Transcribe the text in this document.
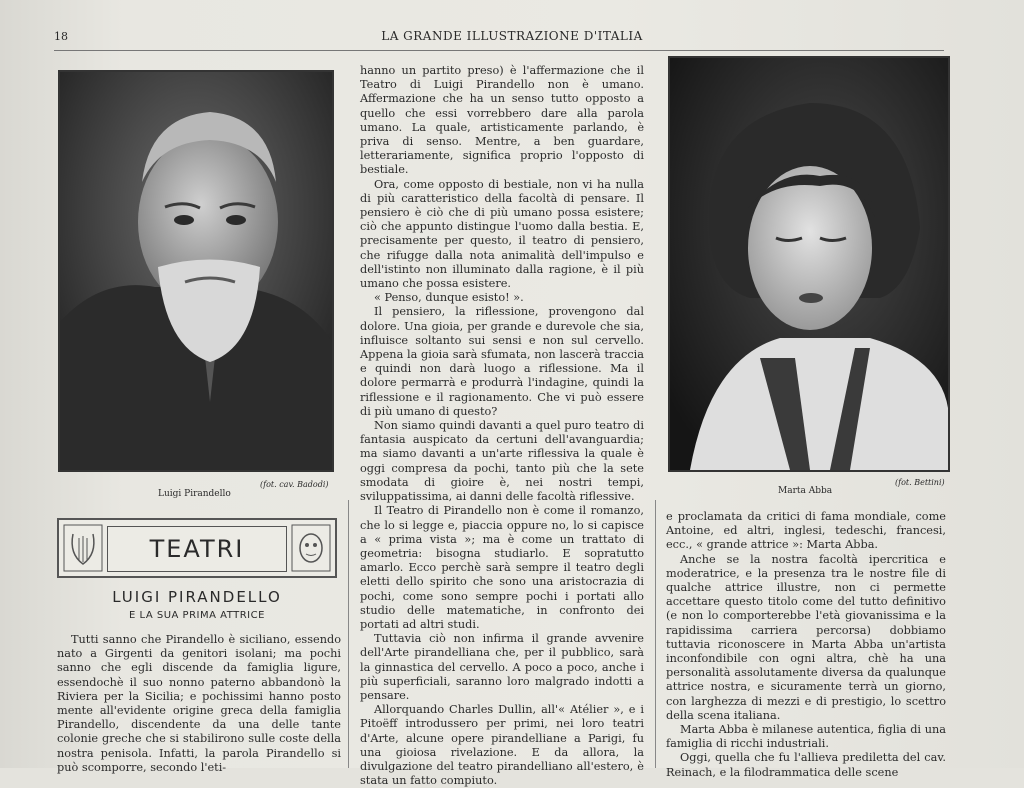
18	LA GRANDE ILLUSTRAZIONE D'ITALIA
Luigi Pirandello
(fot. cav. Badodi)
Marta Abba
(fot. Bettini)
TEATRI
LUIGI PIRANDELLO
E LA SUA PRIMA ATTRICE

Tutti sanno che Pirandello è siciliano, essendo nato a Girgenti da genitori isolani; ma pochi sanno che egli discende da famiglia ligure, essendochè il suo nonno paterno abbandonò la Riviera per la Sicilia; e pochissimi hanno posto mente all'evidente origine greca della famiglia Pirandello, discendente da una delle tante colonie greche che si stabilirono sulle coste della nostra penisola. Infatti, la parola Pirandello si può scomporre, secondo l'eti-

hanno un partito preso) è l'affermazione che il Teatro di Luigi Pirandello non è umano. Affermazione che ha un senso tutto opposto a quello che essi vorrebbero dare alla parola umano. La quale, artisticamente parlando, è priva di senso. Mentre, a ben guardare, letterariamente, significa proprio l'opposto di bestiale.

Ora, come opposto di bestiale, non vi ha nulla di più caratteristico della facoltà di pensare. Il pensiero è ciò che di più umano possa esistere; ciò che appunto distingue l'uomo dalla bestia. E, precisamente per questo, il teatro di pensiero, che rifugge dalla nota animalità dell'impulso e dell'istinto non illuminato dalla ragione, è il più umano che possa esistere.

« Penso, dunque esisto! ».

Il pensiero, la riflessione, provengono dal dolore. Una gioia, per grande e durevole che sia, influisce soltanto sui sensi e non sul cervello. Appena la gioia sarà sfumata, non lascerà traccia e quindi non darà luogo a riflessione. Ma il dolore permarrà e produrrà l'indagine, quindi la riflessione e il ragionamento. Che vi può essere di più umano di questo?

Non siamo quindi davanti a quel puro teatro di fantasia auspicato da certuni dell'avanguardia; ma siamo davanti a un'arte riflessiva la quale è oggi compresa da pochi, tanto più che la sete smodata di gioire è, nei nostri tempi, sviluppatissima, ai danni delle facoltà riflessive.

Il Teatro di Pirandello non è come il romanzo, che lo si legge e, piaccia oppure no, lo si capisce a « prima vista »; ma è come un trattato di geometria: bisogna studiarlo. E sopratutto amarlo. Ecco perchè sarà sempre il teatro degli eletti dello spirito che sono una aristocrazia di pochi, come sono sempre pochi i portati allo studio delle matematiche, in confronto dei portati ad altri studi.

Tuttavia ciò non infirma il grande avvenire dell'Arte pirandelliana che, per il pubblico, sarà la ginnastica del cervello. A poco a poco, anche i più superficiali, saranno loro malgrado indotti a pensare.

Allorquando Charles Dullin, all'« Atélier », e i Pitoëff introdussero per primi, nei loro teatri d'Arte, alcune opere pirandelliane a Parigi, fu una gioiosa rivelazione. E da allora, la divulgazione del teatro pirandelliano all'estero, è stata un fatto compiuto.

e proclamata da critici di fama mondiale, come Antoine, ed altri, inglesi, tedeschi, francesi, ecc., « grande attrice »: Marta Abba.

Anche se la nostra facoltà ipercritica e moderatrice, e la presenza tra le nostre file di qualche attrice illustre, non ci permette accettare questo titolo come del tutto definitivo (e non lo comporterebbe l'età giovanissima e la rapidissima carriera percorsa) dobbiamo tuttavia riconoscere in Marta Abba un'artista inconfondibile con ogni altra, chè ha una personalità assolutamente diversa da qualunque attrice nostra, e sicuramente terrà un giorno, con larghezza di mezzi e di prestigio, lo scettro della scena italiana.

Marta Abba è milanese autentica, figlia di una famiglia di ricchi industriali.

Oggi, quella che fu l'allieva prediletta del cav. Reinach, e la filodrammatica delle scene
